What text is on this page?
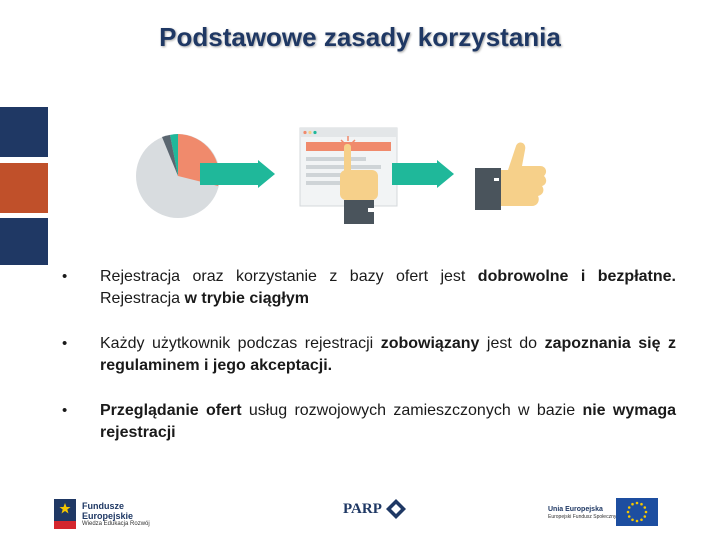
Podstawowe zasady korzystania
•	Rejestracja oraz korzystanie z bazy ofert jest dobrowolne i bezpłatne. Rejestracja w trybie ciągłym
•	Każdy użytkownik podczas rejestracji zobowiązany jest do zapoznania się z regulaminem i jego akceptacji.
•	Przeglądanie ofert usług rozwojowych zamieszczonych w bazie nie wymaga rejestracji
Fundusze
Europejskie
Wiedza Edukacja Rozwój
PARP	Unia Europejska
Europejski Fundusz Społeczny
